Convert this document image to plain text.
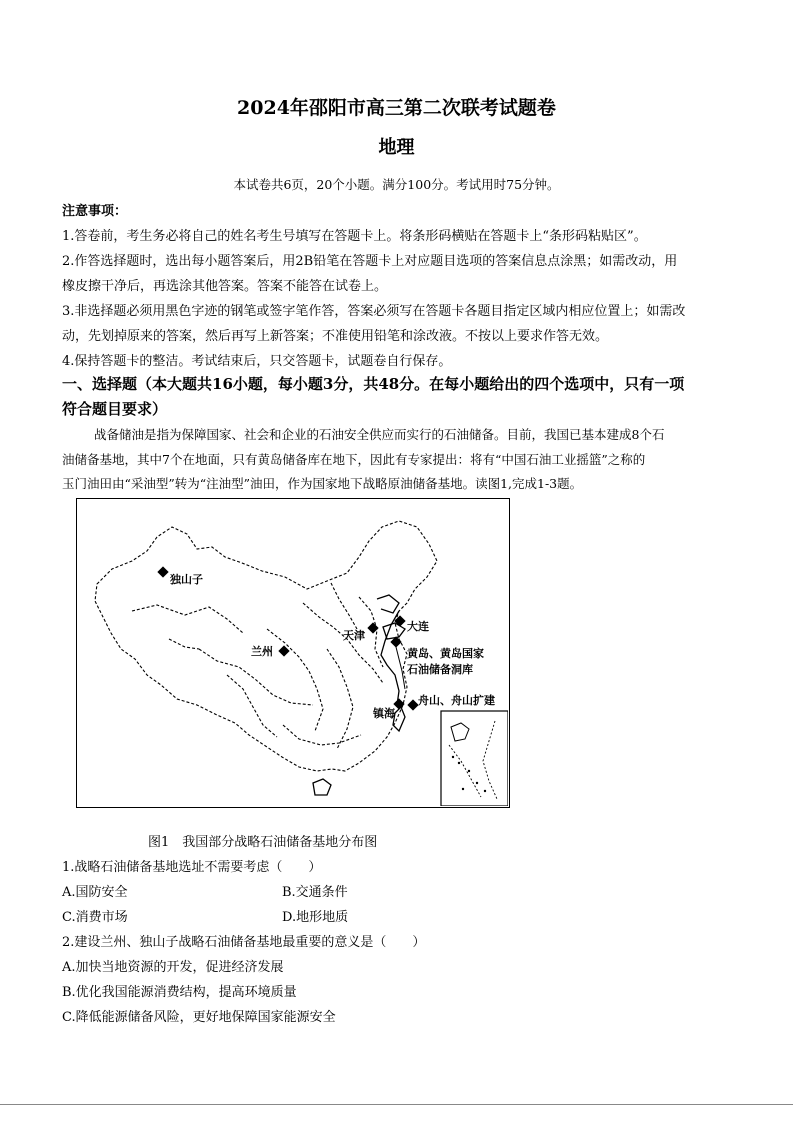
2024年邵阳市高三第二次联考试题卷
地理
本试卷共6页，20个小题。满分100分。考试用时75分钟。
注意事项：
1.答卷前，考生务必将自己的姓名考生号填写在答题卡上。将条形码横贴在答题卡上“条形码粘贴区”。
2.作答选择题时，选出每小题答案后，用2B铅笔在答题卡上对应题目选项的答案信息点涂黑；如需改动，用
橡皮擦干净后，再选涂其他答案。答案不能答在试卷上。
3.非选择题必须用黑色字迹的钢笔或签字笔作答，答案必须写在答题卡各题目指定区域内相应位置上；如需改
动，先划掉原来的答案，然后再写上新答案；不准使用铅笔和涂改液。不按以上要求作答无效。
4.保持答题卡的整洁。考试结束后，只交答题卡，试题卷自行保存。
一、选择题（本大题共16小题，每小题3分，共48分。在每小题给出的四个选项中，只有一项
符合题目要求）
战备储油是指为保障国家、社会和企业的石油安全供应而实行的石油储备。目前，我国已基本建成8个石
油储备基地，其中7个在地面，只有黄岛储备库在地下，因此有专家提出：将有“中国石油工业摇篮”之称的
玉门油田由“采油型”转为“注油型”油田，作为国家地下战略原油储备基地。读图1,完成1-3题。
独山子
兰州
天津
大连
黄岛、黄岛国家
石油储备洞库
舟山、舟山扩建
镇海
图1　我国部分战略石油储备基地分布图
1.战略石油储备基地选址不需要考虑（　　）
A.国防安全	B.交通条件
C.消费市场	D.地形地质
2.建设兰州、独山子战略石油储备基地最重要的意义是（　　）
A.加快当地资源的开发，促进经济发展
B.优化我国能源消费结构，提高环境质量
C.降低能源储备风险，更好地保障国家能源安全
